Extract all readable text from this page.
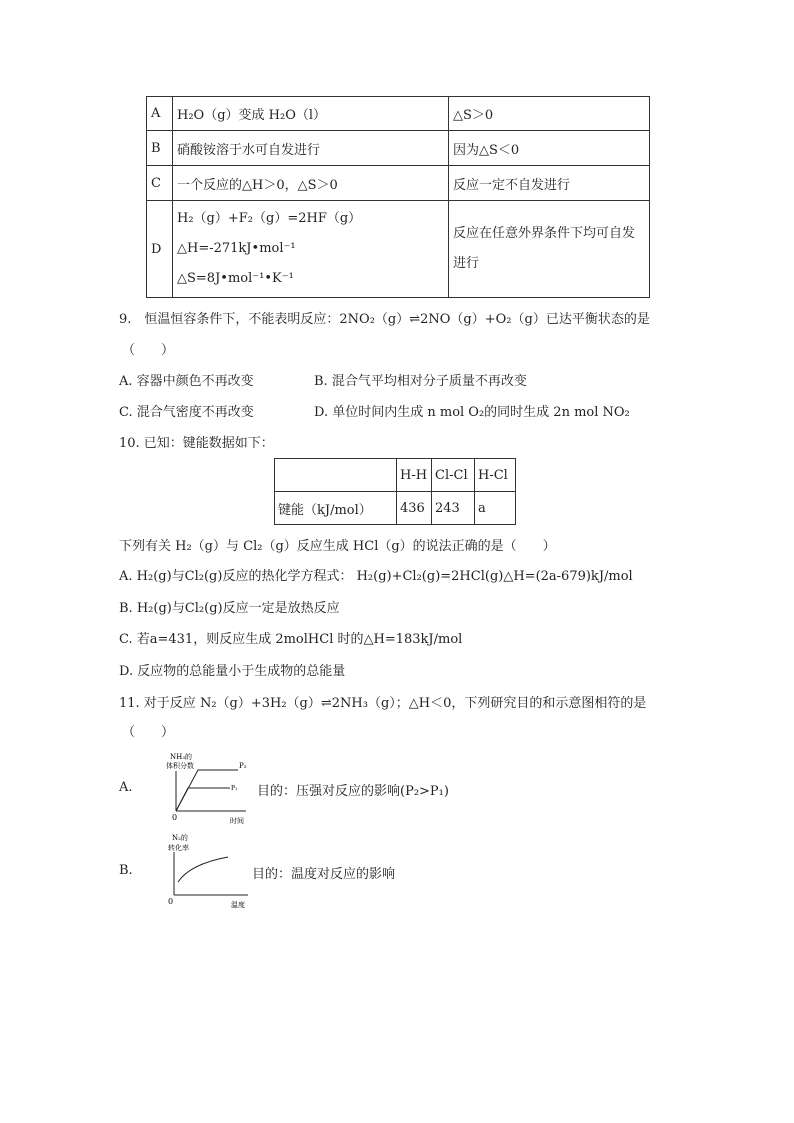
A	H₂O（g）变成 H₂O（l）	△S＞0
B	硝酸铵溶于水可自发进行	因为△S＜0
C	一个反应的△H＞0，△S＞0	反应一定不自发进行
D	H₂（g）+F₂（g）=2HF（g）
△H=-271kJ•mol⁻¹
△S=8J•mol⁻¹•K⁻¹	反应在任意外界条件下均可自发进行
9.　恒温恒容条件下，不能表明反应：2NO₂（g）⇌2NO（g）+O₂（g）已达平衡状态的是
（　　）
A. 容器中颜色不再改变	B. 混合气平均相对分子质量不再改变
C. 混合气密度不再改变	D. 单位时间内生成 n mol O₂的同时生成 2n mol NO₂
10. 已知：键能数据如下：
	H-H	Cl-Cl	H-Cl
键能（kJ/mol）	436	243	a
下列有关 H₂（g）与 Cl₂（g）反应生成 HCl（g）的说法正确的是（　　）
A. H₂(g)与Cl₂(g)反应的热化学方程式： H₂(g)+Cl₂(g)=2HCl(g)△H=(2a-679)kJ/mol
B. H₂(g)与Cl₂(g)反应一定是放热反应
C. 若a=431，则反应生成 2molHCl 时的△H=183kJ/mol
D. 反应物的总能量小于生成物的总能量
11. 对于反应 N₂（g）+3H₂（g）⇌2NH₃（g）；△H＜0，下列研究目的和示意图相符的是
（　　）
A.
NH₃的
体积分数	P₂
P₁
0	时间
目的：压强对反应的影响(P₂>P₁)
B.
N₂的
转化率
0	温度
目的：温度对反应的影响
